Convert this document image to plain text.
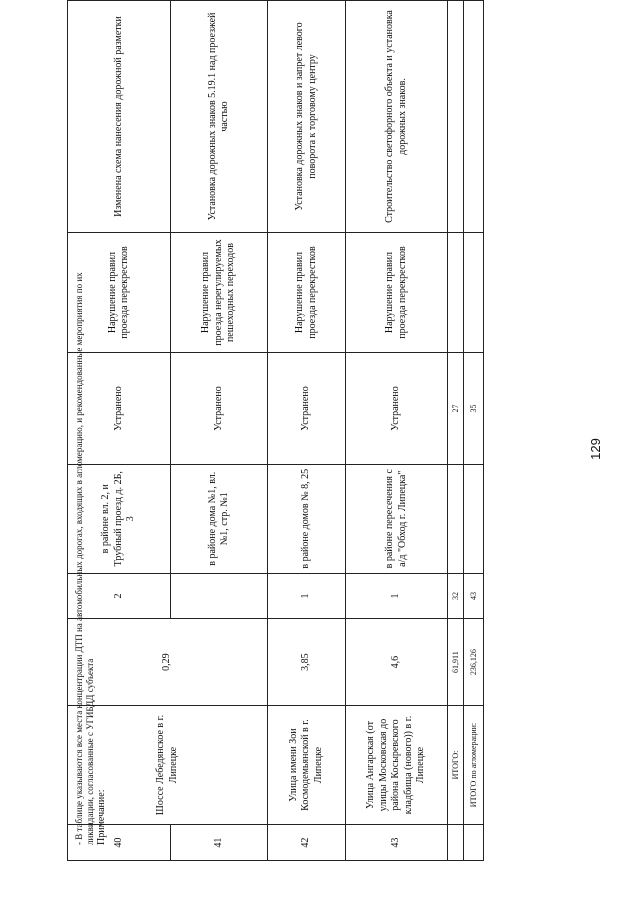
129
40	Шоссе Лебедянское в г. Липецке	0,29	2	в районе вл. 2, и Трубный проезд д. 2Б, 3	Устранено	Нарушение правил проезда перекрестков	Изменена схема нанесения дорожной разметки
41				в районе дома №1, вл.№1, стр. №1	Устранено	Нарушение правил проезда нерегулируемых пешеходных переходов	Установка дорожных знаков 5.19.1 над проезжей частью
42	Улица имени Зои Космодемьянской в г. Липецке	3,85	1	в районе домов № 8, 25	Устранено	Нарушение правил проезда перекрестков	Установка дорожных знаков и запрет левого поворота к торговому центру
43	Улица Ангарская (от улицы Московская до района Косыревского кладбища (нового)) в г. Липецке	4,6	1	в районе пересечения с а/д "Обход г. Липецка"	Устранено	Нарушение правил проезда перекрестков	Строительство светофорного объекта и установка дорожных знаков.
	ИТОГО:	61,911	32		27		
	ИТОГО по агломерации:	236,126	43		35		
Примечание:
- В таблице указываются все места концентрации ДТП на автомобильных дорогах, входящих в агломерацию, и рекомендованные мероприятия по их ликвидации, согласованные с УГИБДД субъекта
